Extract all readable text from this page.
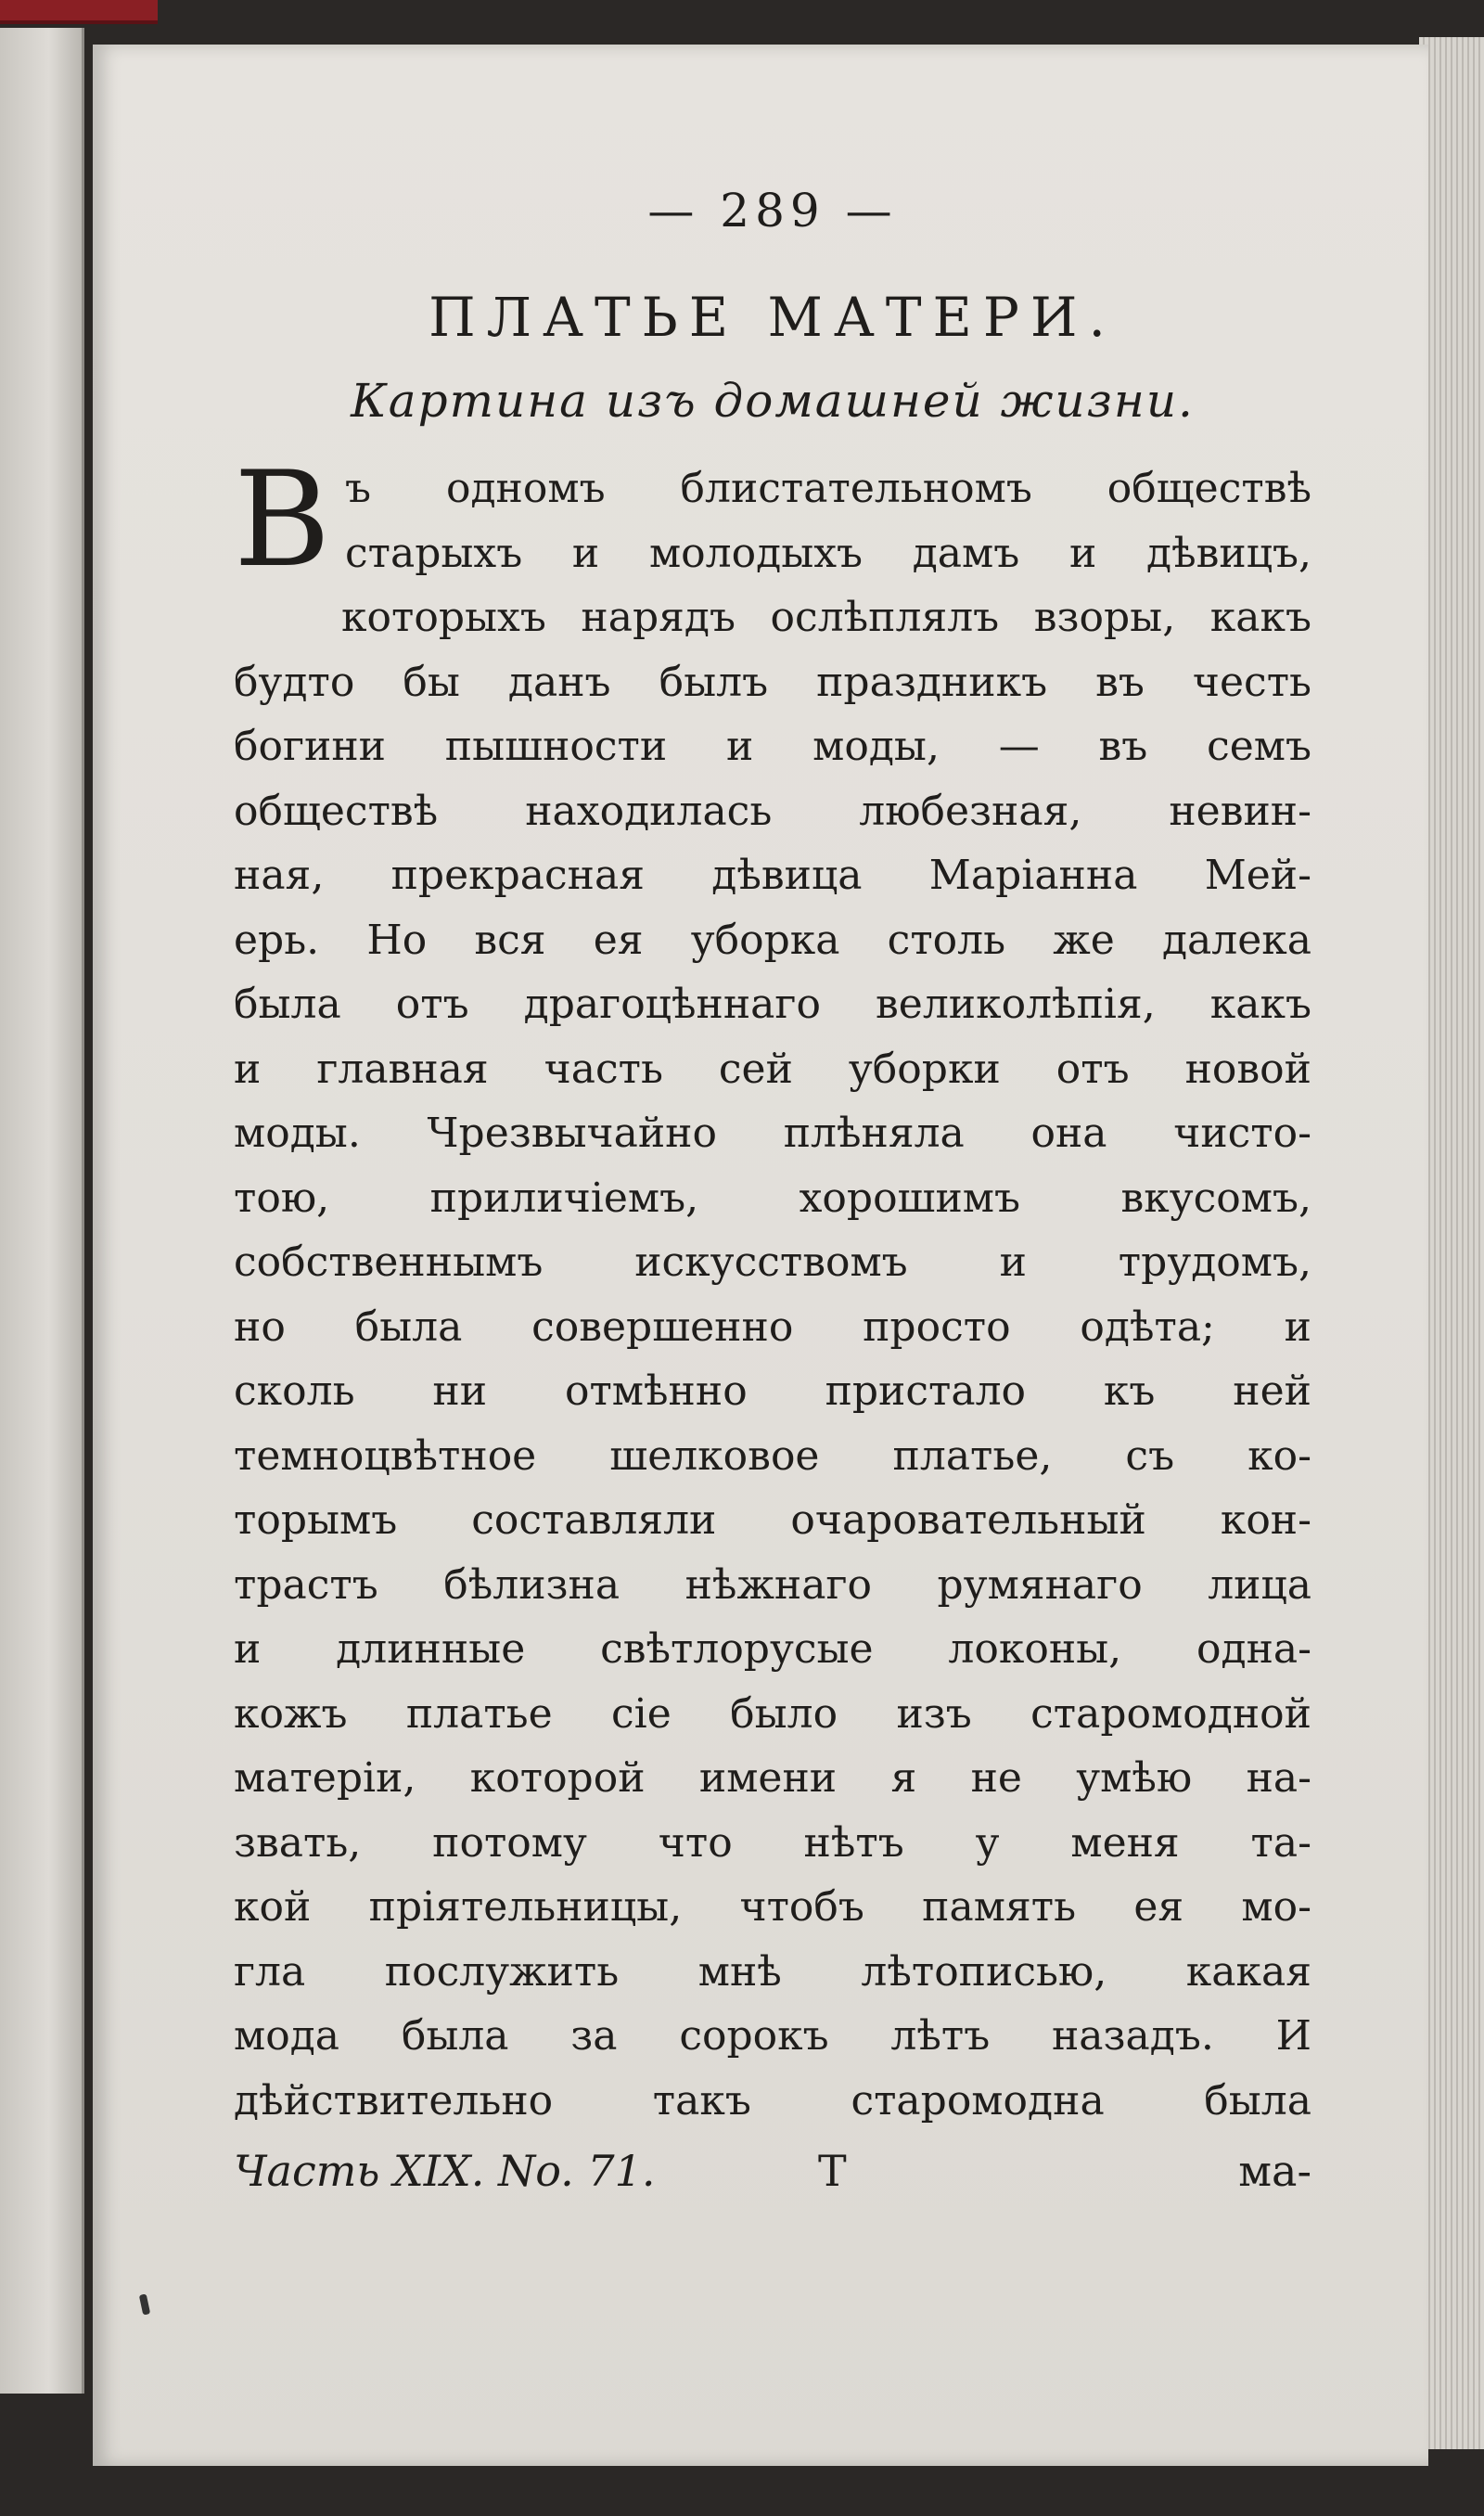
— 289 —
ПЛАТЬЕ МАТЕРИ.
Картина изъ домашней жизни.
В ъ одномъ блистательномъ обществѣ
старыхъ и молодыхъ дамъ и дѣвицъ,
которыхъ нарядъ ослѣплялъ взоры, какъ
будто бы данъ былъ праздникъ въ честь
богини пышности и моды, — въ семъ
обществѣ находилась любезная, невин-
ная, прекрасная дѣвица Маріанна Мей-
ерь. Но вся ея уборка столь же далека
была отъ драгоцѣннаго великолѣпія, какъ
и главная часть сей уборки отъ новой
моды. Чрезвычайно плѣняла она чисто-
тою, приличіемъ, хорошимъ вкусомъ,
собственнымъ искусствомъ и трудомъ,
но была совершенно просто одѣта; и
сколь ни отмѣнно пристало къ ней
темноцвѣтное шелковое платье, съ ко-
торымъ составляли очаровательный кон-
трастъ бѣлизна нѣжнаго румянаго лица
и длинные свѣтлорусые локоны, одна-
кожъ платье сіе было изъ старомодной
матеріи, которой имени я не умѣю на-
звать, потому что нѣтъ у меня та-
кой пріятельницы, чтобъ память ея мо-
гла послужить мнѣ лѣтописью, какая
мода была за сорокъ лѣтъ назадъ. И
дѣйствительно такъ старомодна была
Часть XIX. No. 71.	Т	ма-
